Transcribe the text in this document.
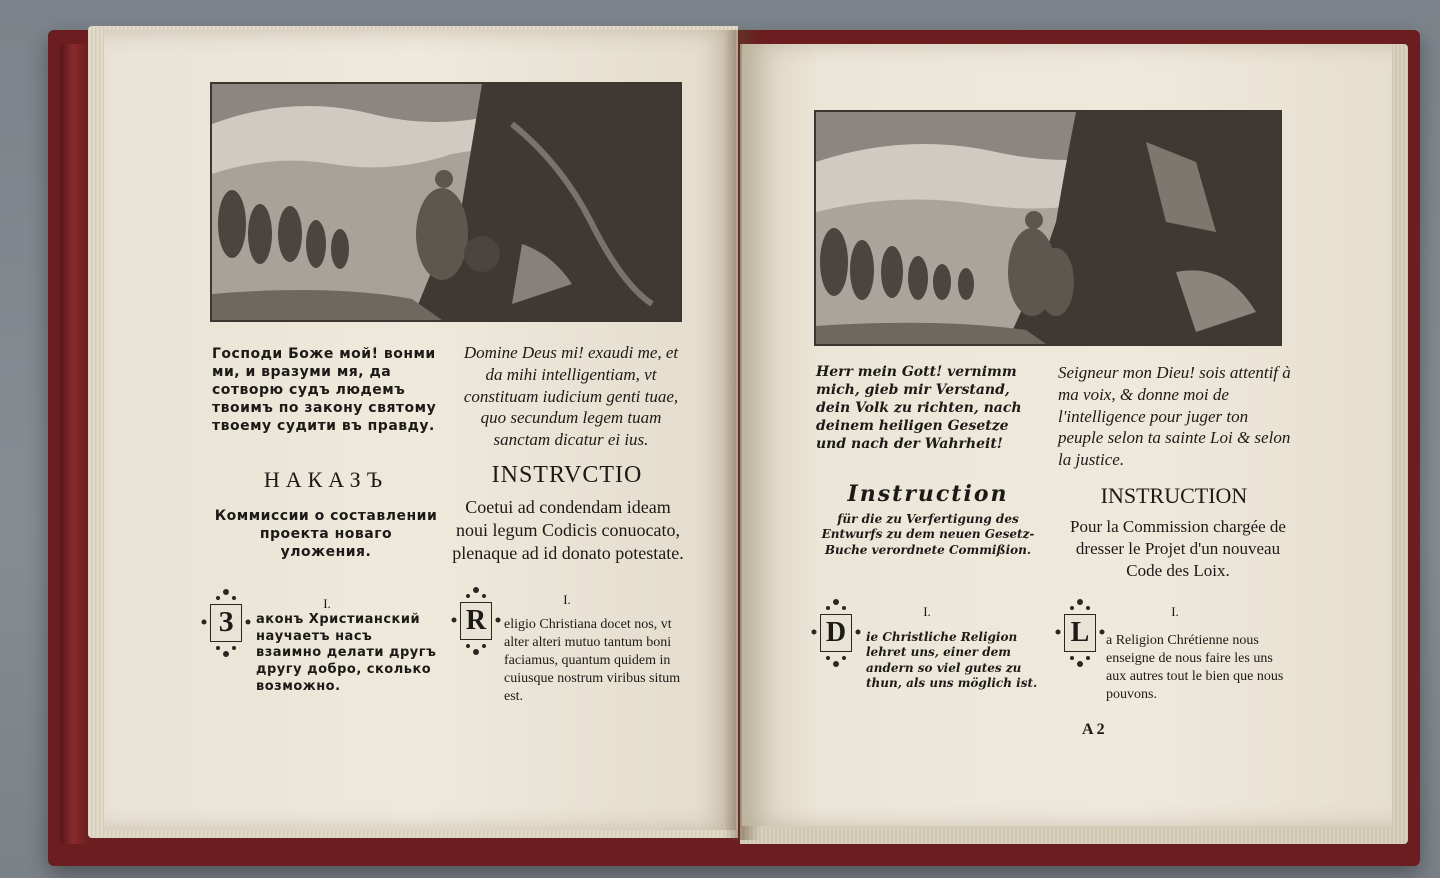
Господи Боже мой! вонми ми, и вразуми мя, да сотворю судъ людемъ твоимъ по закону святому твоему судити въ правду.

Domine Deus mi! exaudi me, et da mihi intelligentiam, vt constituam iudicium genti tuae, quo secundum legem tuam sanctam dicatur ei ius.

НАКАЗЪ

Коммиссии о составлении проекта новаго уложения.

INSTRVCTIO

Coetui ad condendam ideam noui legum Codicis conuocato, plenaque ad id donato potestate.

I.
З	аконъ Христианский научаетъ насъ взаимно делати другъ другу добро, сколько возможно.

I.
R	eligio Christiana docet nos, vt alter alteri mutuo tantum boni faciamus, quantum quidem in cuiusque nostrum viribus situm est.

Herr mein Gott! vernimm mich, gieb mir Verstand, dein Volk zu richten, nach deinem heiligen Gesetze und nach der Wahrheit!

Seigneur mon Dieu! sois attentif à ma voix, & donne moi de l'intelligence pour juger ton peuple selon ta sainte Loi & selon la justice.

Instruction

für die zu Verfertigung des Entwurfs zu dem neuen Gesetz-Buche verordnete Commißion.

INSTRUCTION

Pour la Commission chargée de dresser le Projet d'un nouveau Code des Loix.

I.
D	ie Christliche Religion lehret uns, einer dem andern so viel gutes zu thun, als uns möglich ist.

I.
L	a Religion Chrétienne nous enseigne de nous faire les uns aux autres tout le bien que nous pouvons.

A 2
